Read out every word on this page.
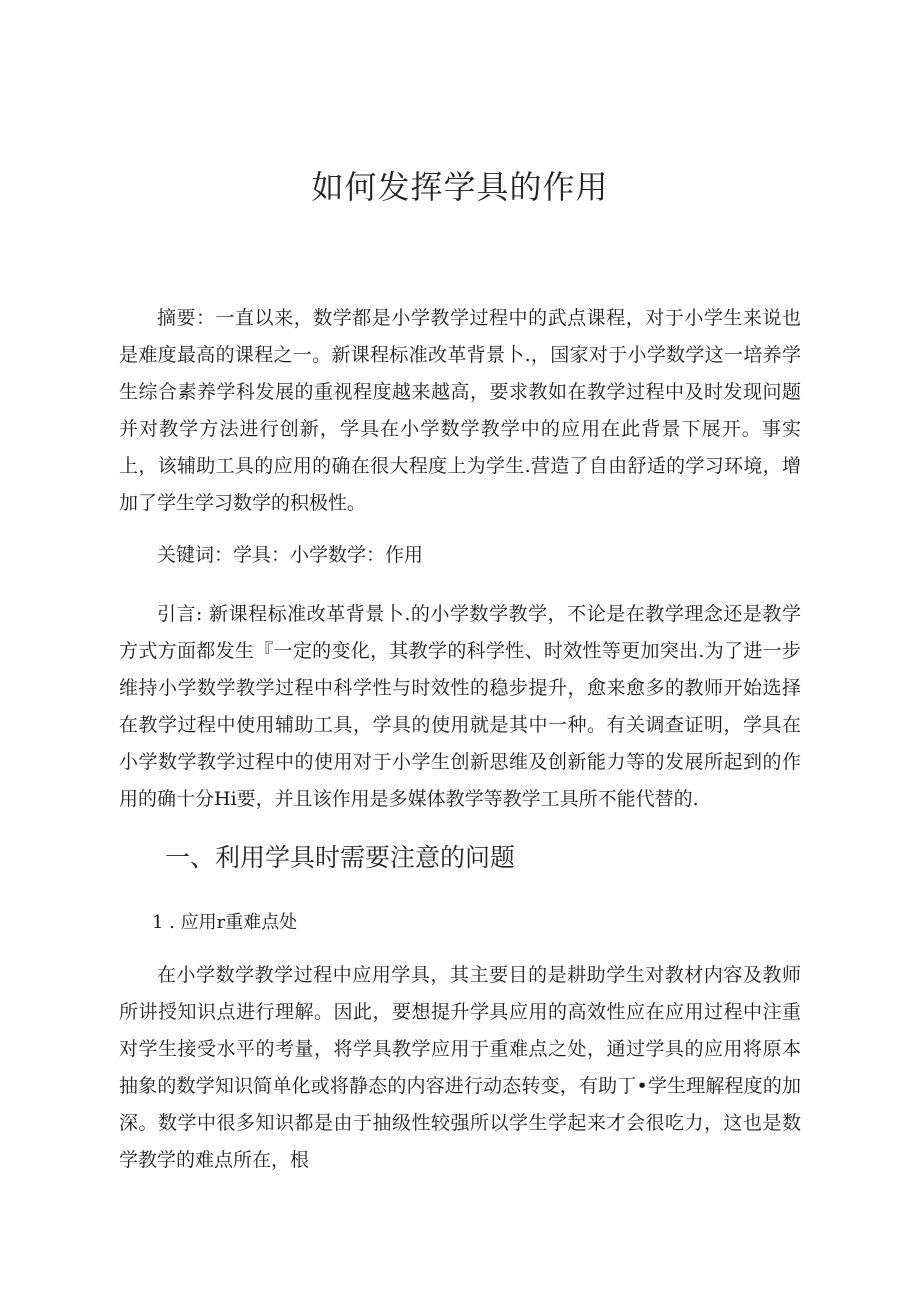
如何发挥学具的作用

摘要：一直以来，数学都是小学教学过程中的武点课程，对于小学生来说也是难度最高的课程之一。新课程标准改革背景卜.，国家对于小学数学这一培养学生综合素养学科发展的重视程度越来越高，要求教如在教学过程中及时发现问题并对教学方法进行创新，学具在小学数学教学中的应用在此背景下展开。事实上，该辅助工具的应用的确在很大程度上为学生.营造了自由舒适的学习环境，增加了学生学习数学的积极性。

关键词：学具：小学数学：作用

引言: 新课程标准改革背景卜.的小学数学教学，不论是在教学理念还是教学方式方面都发生『一定的变化，其教学的科学性、时效性等更加突出.为了进一步维持小学数学教学过程中科学性与时效性的稳步提升，愈来愈多的教师开始选择在教学过程中使用辅助工具，学具的使用就是其中一种。有关调查证明，学具在小学数学教学过程中的使用对于小学生创新思维及创新能力等的发展所起到的作用的确十分Hi要，并且该作用是多媒体教学等教学工具所不能代替的.

一、利用学具时需要注意的问题
1 . 应用r重难点处

在小学数学教学过程中应用学具，其主要目的是耕助学生对教材内容及教师所讲授知识点进行理解。因此，要想提升学具应用的高效性应在应用过程中注重对学生接受水平的考量，将学具教学应用于重难点之处，通过学具的应用将原本抽象的数学知识简单化或将静态的内容进行动态转变，有助丁•学生理解程度的加深。数学中很多知识都是由于抽级性较强所以学生学起来才会很吃力，这也是数学教学的难点所在，根
